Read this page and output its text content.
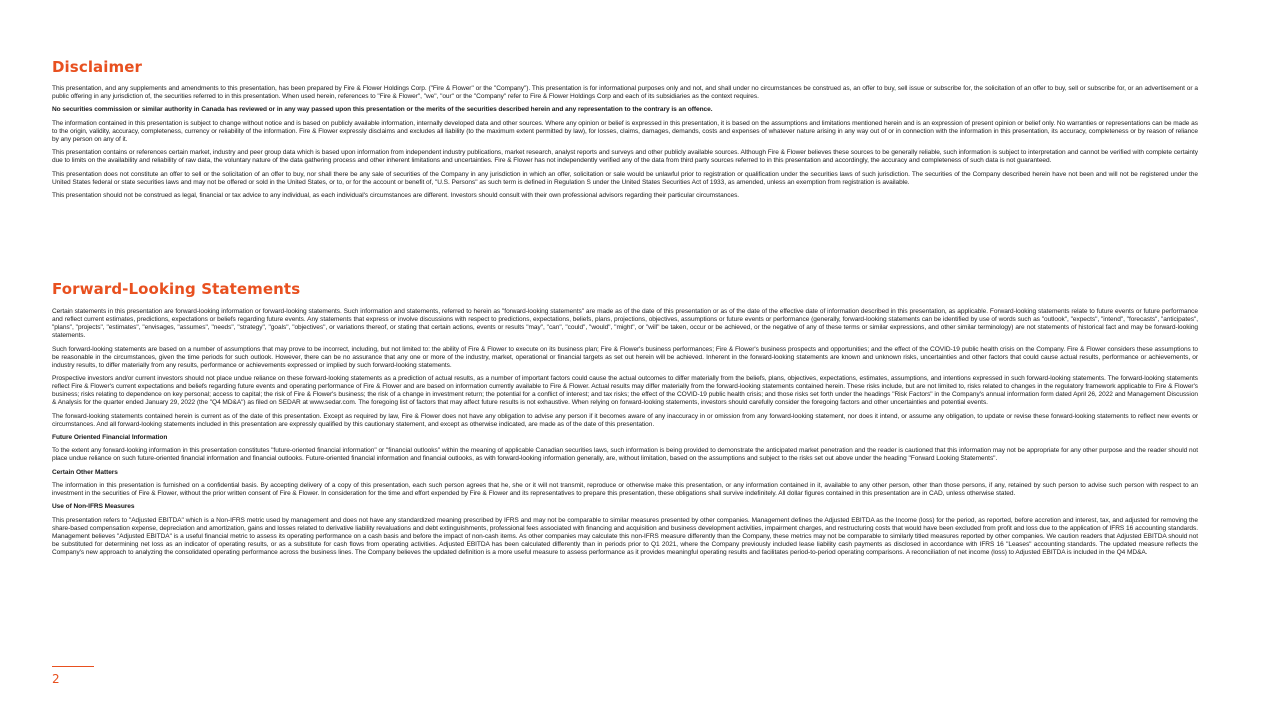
Disclaimer

This presentation, and any supplements and amendments to this presentation, has been prepared by Fire & Flower Holdings Corp. ("Fire & Flower" or the "Company"). This presentation is for informational purposes only and not, and shall under no circumstances be construed as, an offer to buy, sell issue or subscribe for, the solicitation of an offer to buy, sell or subscribe for, or an advertisement or a public offering in any jurisdiction of, the securities referred to in this presentation. When used herein, references to "Fire & Flower", "we", "our" or the "Company" refer to Fire & Flower Holdings Corp and each of its subsidiaries as the context requires.

No securities commission or similar authority in Canada has reviewed or in any way passed upon this presentation or the merits of the securities described herein and any representation to the contrary is an offence.

The information contained in this presentation is subject to change without notice and is based on publicly available information, internally developed data and other sources. Where any opinion or belief is expressed in this presentation, it is based on the assumptions and limitations mentioned herein and is an expression of present opinion or belief only. No warranties or representations can be made as to the origin, validity, accuracy, completeness, currency or reliability of the information. Fire & Flower expressly disclaims and excludes all liability (to the maximum extent permitted by law), for losses, claims, damages, demands, costs and expenses of whatever nature arising in any way out of or in connection with the information in this presentation, its accuracy, completeness or by reason of reliance by any person on any of it.

This presentation contains or references certain market, industry and peer group data which is based upon information from independent industry publications, market research, analyst reports and surveys and other publicly available sources. Although Fire & Flower believes these sources to be generally reliable, such information is subject to interpretation and cannot be verified with complete certainty due to limits on the availability and reliability of raw data, the voluntary nature of the data gathering process and other inherent limitations and uncertainties. Fire & Flower has not independently verified any of the data from third party sources referred to in this presentation and accordingly, the accuracy and completeness of such data is not guaranteed.

This presentation does not constitute an offer to sell or the solicitation of an offer to buy, nor shall there be any sale of securities of the Company in any jurisdiction in which an offer, solicitation or sale would be unlawful prior to registration or qualification under the securities laws of such jurisdiction. The securities of the Company described herein have not been and will not be registered under the United States federal or state securities laws and may not be offered or sold in the United States, or to, or for the account or benefit of, "U.S. Persons" as such term is defined in Regulation S under the United States Securities Act of 1933, as amended, unless an exemption from registration is available.

This presentation should not be construed as legal, financial or tax advice to any individual, as each individual's circumstances are different. Investors should consult with their own professional advisors regarding their particular circumstances.

Forward-Looking Statements

Certain statements in this presentation are forward-looking information or forward-looking statements. Such information and statements, referred to herein as "forward-looking statements" are made as of the date of this presentation or as of the date of the effective date of information described in this presentation, as applicable. Forward-looking statements relate to future events or future performance and reflect current estimates, predictions, expectations or beliefs regarding future events. Any statements that express or involve discussions with respect to predictions, expectations, beliefs, plans, projections, objectives, assumptions or future events or performance (generally, forward-looking statements can be identified by use of words such as "outlook", "expects", "intend", "forecasts", "anticipates", "plans", "projects", "estimates", "envisages, "assumes", "needs", "strategy", "goals", "objectives", or variations thereof, or stating that certain actions, events or results "may", "can", "could", "would", "might", or "will" be taken, occur or be achieved, or the negative of any of these terms or similar expressions, and other similar terminology) are not statements of historical fact and may be forward-looking statements.

Such forward-looking statements are based on a number of assumptions that may prove to be incorrect, including, but not limited to: the ability of Fire & Flower to execute on its business plan; Fire & Flower's business performances; Fire & Flower's business prospects and opportunities; and the effect of the COVID-19 public health crisis on the Company. Fire & Flower considers these assumptions to be reasonable in the circumstances, given the time periods for such outlook. However, there can be no assurance that any one or more of the industry, market, operational or financial targets as set out herein will be achieved. Inherent in the forward-looking statements are known and unknown risks, uncertainties and other factors that could cause actual results, performance or achievements, or industry results, to differ materially from any results, performance or achievements expressed or implied by such forward-looking statements.

Prospective investors and/or current investors should not place undue reliance on these forward-looking statements as a prediction of actual results, as a number of important factors could cause the actual outcomes to differ materially from the beliefs, plans, objectives, expectations, estimates, assumptions, and intentions expressed in such forward-looking statements. The forward-looking statements reflect Fire & Flower's current expectations and beliefs regarding future events and operating performance of Fire & Flower and are based on information currently available to Fire & Flower. Actual results may differ materially from the forward-looking statements contained herein. These risks include, but are not limited to, risks related to changes in the regulatory framework applicable to Fire & Flower's business; risks relating to dependence on key personal; access to capital; the risk of Fire & Flower's business; the risk of a change in investment return; the potential for a conflict of interest; and tax risks; the effect of the COVID-19 public health crisis; and those risks set forth under the headings "Risk Factors" in the Company's annual information form dated April 26, 2022 and Management Discussion & Analysis for the quarter ended January 29, 2022 (the "Q4 MD&A") as filed on SEDAR at www.sedar.com. The foregoing list of factors that may affect future results is not exhaustive. When relying on forward-looking statements, investors should carefully consider the foregoing factors and other uncertainties and potential events.

The forward-looking statements contained herein is current as of the date of this presentation. Except as required by law, Fire & Flower does not have any obligation to advise any person if it becomes aware of any inaccuracy in or omission from any forward-looking statement, nor does it intend, or assume any obligation, to update or revise these forward-looking statements to reflect new events or circumstances. And all forward-looking statements included in this presentation are expressly qualified by this cautionary statement, and except as otherwise indicated, are made as of the date of this presentation.

Future Oriented Financial Information

To the extent any forward-looking information in this presentation constitutes "future-oriented financial information" or "financial outlooks" within the meaning of applicable Canadian securities laws, such information is being provided to demonstrate the anticipated market penetration and the reader is cautioned that this information may not be appropriate for any other purpose and the reader should not place undue reliance on such future-oriented financial information and financial outlooks. Future-oriented financial information and financial outlooks, as with forward-looking information generally, are, without limitation, based on the assumptions and subject to the risks set out above under the heading "Forward Looking Statements".

Certain Other Matters

The information in this presentation is furnished on a confidential basis. By accepting delivery of a copy of this presentation, each such person agrees that he, she or it will not transmit, reproduce or otherwise make this presentation, or any information contained in it, available to any other person, other than those persons, if any, retained by such person to advise such person with respect to an investment in the securities of Fire & Flower, without the prior written consent of Fire & Flower. In consideration for the time and effort expended by Fire & Flower and its representatives to prepare this presentation, these obligations shall survive indefinitely. All dollar figures contained in this presentation are in CAD, unless otherwise stated.

Use of Non-IFRS Measures

This presentation refers to "Adjusted EBITDA" which is a Non-IFRS metric used by management and does not have any standardized meaning prescribed by IFRS and may not be comparable to similar measures presented by other companies. Management defines the Adjusted EBITDA as the Income (loss) for the period, as reported, before accretion and interest, tax, and adjusted for removing the share-based compensation expense, depreciation and amortization, gains and losses related to derivative liability revaluations and debt extinguishments, professional fees associated with financing and acquisition and business development activities, impairment charges, and restructuring costs that would have been excluded from profit and loss due to the application of IFRS 16 accounting standards. Management believes "Adjusted EBITDA" is a useful financial metric to assess its operating performance on a cash basis and before the impact of non-cash items. As other companies may calculate this non-IFRS measure differently than the Company, these metrics may not be comparable to similarly titled measures reported by other companies. We caution readers that Adjusted EBITDA should not be substituted for determining net loss as an indicator of operating results, or as a substitute for cash flows from operating activities. Adjusted EBITDA has been calculated differently than in periods prior to Q1 2021, where the Company previously included lease liability cash payments as disclosed in accordance with IFRS 16 "Leases" accounting standards. The updated measure reflects the Company's new approach to analyzing the consolidated operating performance across the business lines. The Company believes the updated definition is a more useful measure to assess performance as it provides meaningful operating results and facilitates period-to-period operating comparisons. A reconciliation of net income (loss) to Adjusted EBITDA is included in the Q4 MD&A.

2
